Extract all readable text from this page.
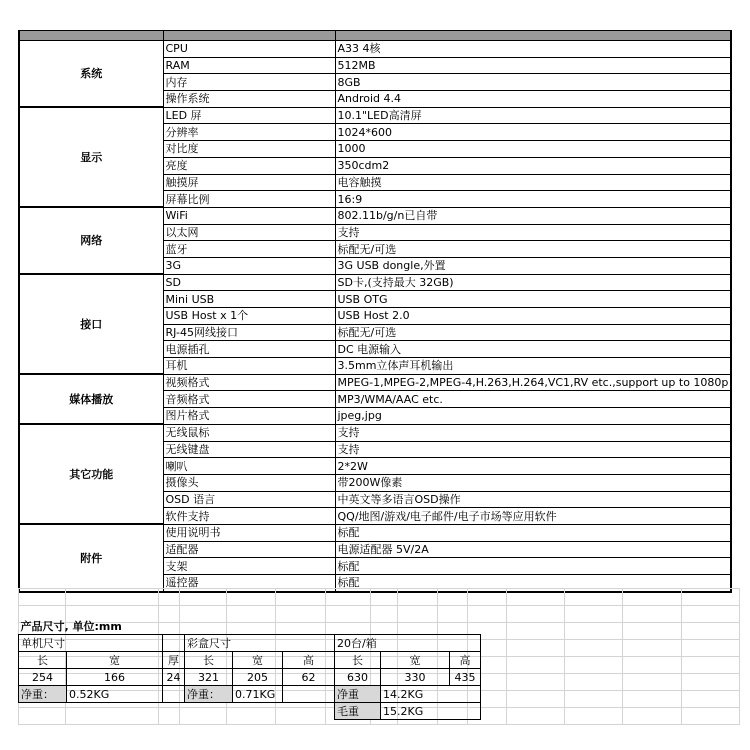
系统	CPU	A33 4核
	RAM	512MB
	内存	8GB
	操作系统	Android 4.4
显示	LED 屏	10.1"LED高清屏
	分辨率	1024*600
	对比度	1000
	亮度	350cdm2
	触摸屏	电容触摸
	屏幕比例	16:9
网络	WiFi	802.11b/g/n已自带
	以太网	支持
	蓝牙	标配无/可选
	3G	3G USB dongle,外置
接口	SD	SD卡,(支持最大 32GB)
	Mini USB	USB OTG
	USB Host x 1个	USB Host 2.0
	RJ-45网线接口	标配无/可选
	电源插孔	DC 电源输入
	耳机	3.5mm立体声耳机输出
媒体播放	视频格式	MPEG-1,MPEG-2,MPEG-4,H.263,H.264,VC1,RV etc.,support up to 1080p
	音频格式	MP3/WMA/AAC etc.
	图片格式	jpeg,jpg
其它功能	无线鼠标	支持
	无线键盘	支持
	喇叭	2*2W
	摄像头	带200W像素
	OSD 语言	中英文等多语言OSD操作
	软件支持	QQ/地图/游戏/电子邮件/电子市场等应用软件
附件	使用说明书	标配
	适配器	电源适配器 5V/2A
	支架	标配
	遥控器	标配

产品尺寸, 单位:mm								
单机尺寸			彩盒尺寸			20台/箱		
长	宽	厚	长	宽	高	长	宽	高
254	166	24	321	205	62	630	330	435
净重：	0.52KG		净重：	0.71KG		净重	14.2KG	
						毛重	15.2KG	
